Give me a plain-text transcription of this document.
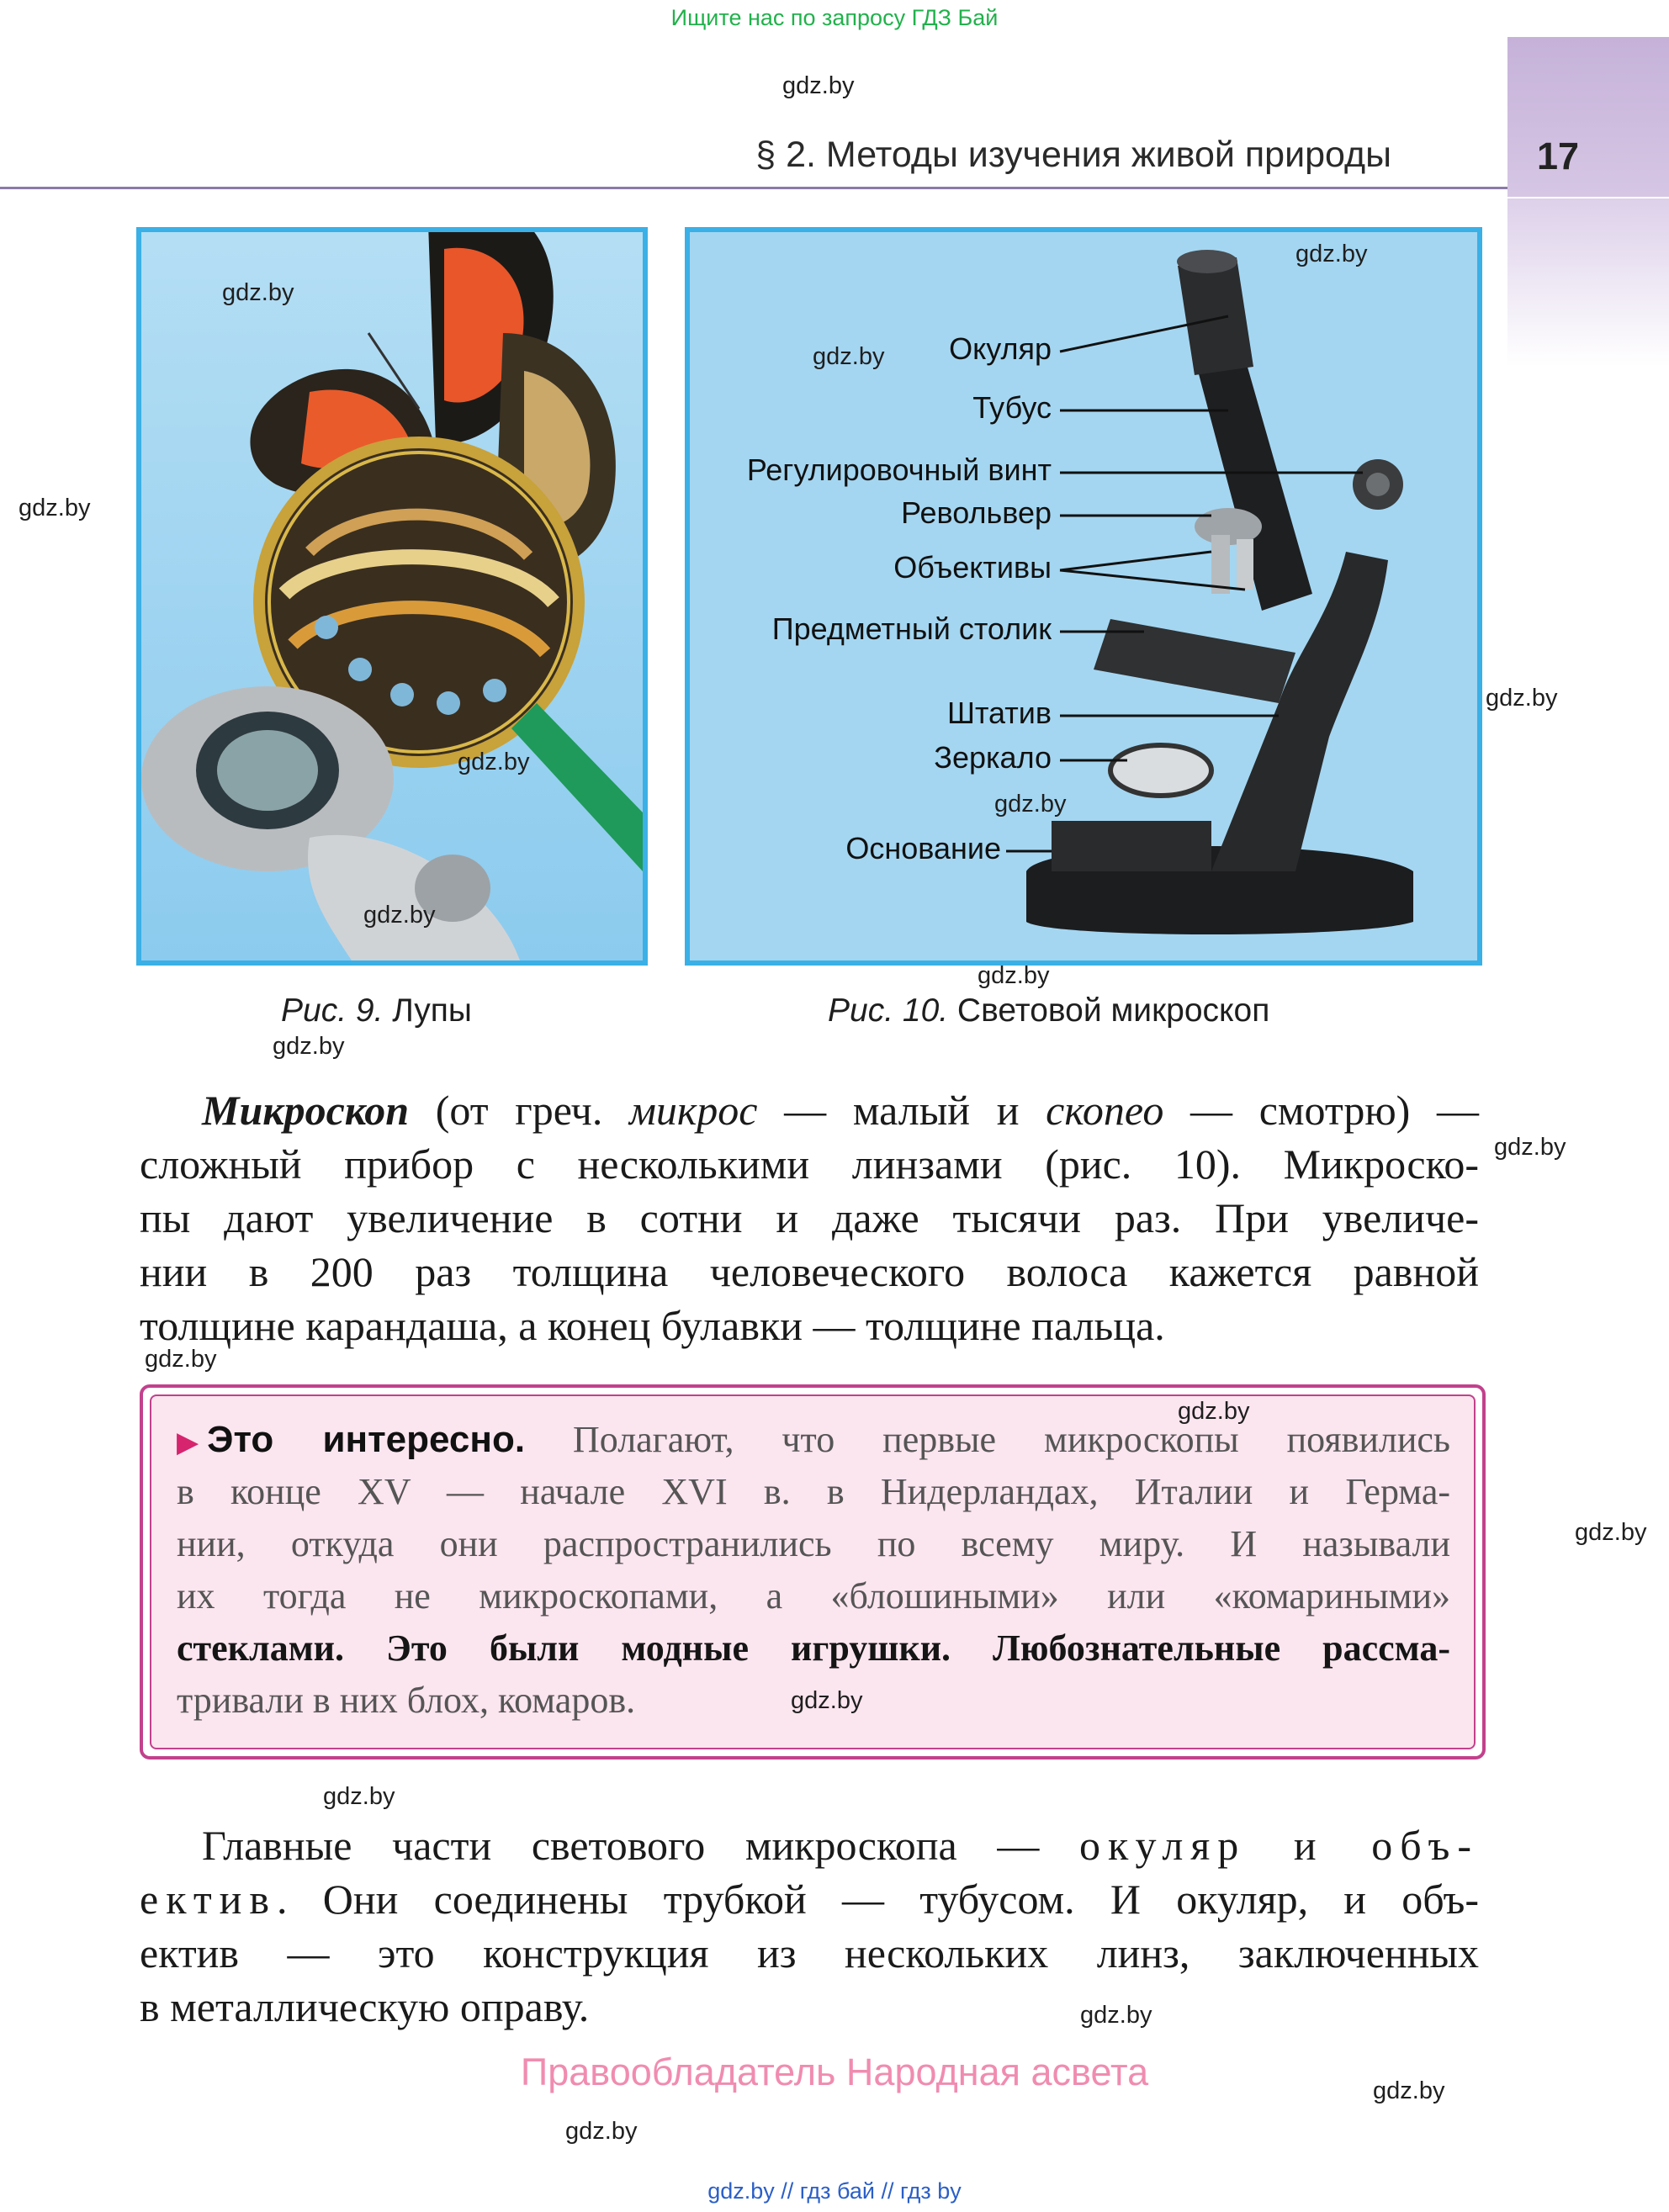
Ищите нас по запросу ГДЗ Бай
§ 2. Методы изучения живой природы	17
Окуляр
Тубус
Регулировочный винт
Револьвер
Объективы
Предметный столик
Штатив
Зеркало
Основание
Рис. 9. Лупы	Рис. 10. Световой микроскоп
Микроскоп (от греч. микрос — малый и скопео — смотрю) —
сложный прибор с несколькими линзами (рис. 10). Микроско-
пы дают увеличение в сотни и даже тысячи раз. При увеличе-
нии в 200 раз толщина человеческого волоса кажется равной
толщине карандаша, а конец булавки — толщине пальца.
▶ Это интересно. Полагают, что первые микроскопы появились
в конце XV — начале XVI в. в Нидерландах, Италии и Герма-
нии, откуда они распространились по всему миру. И называли
их тогда не микроскопами, а «блошиными» или «комариными»
стеклами. Это были модные игрушки. Любознательные рассма-
тривали в них блох, комаров.
Главные части светового микроскопа — окуляр и объ-
ектив. Они соединены трубкой — тубусом. И окуляр, и объ-
ектив — это конструкция из нескольких линз, заключенных
в металлическую оправу.
Правообладатель Народная асвета
gdz.by // гдз бай // гдз by
gdz.by
gdz.by
gdz.by
gdz.by
gdz.by
gdz.by
gdz.by
gdz.by
gdz.by
gdz.by
gdz.by
gdz.by
gdz.by
gdz.by
gdz.by
gdz.by
gdz.by
gdz.by
gdz.by
gdz.by
